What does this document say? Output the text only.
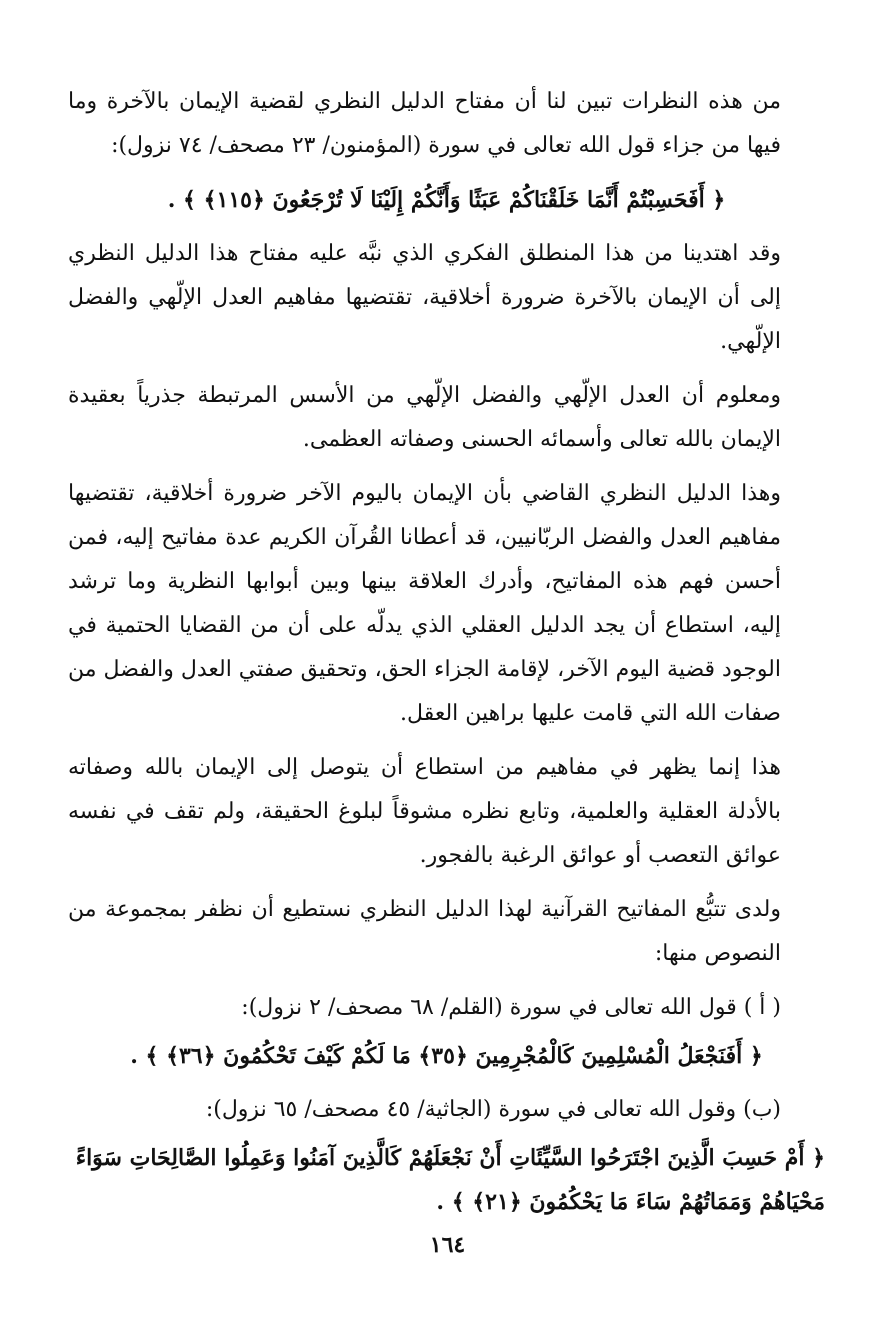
من هذه النظرات تبين لنا أن مفتاح الدليل النظري لقضية الإيمان بالآخرة وما فيها من جزاء قول الله تعالى في سورة (المؤمنون/ ٢٣ مصحف/ ٧٤ نزول):

﴿ أَفَحَسِبْتُمْ أَنَّمَا خَلَقْنَاكُمْ عَبَثًا وَأَنَّكُمْ إِلَيْنَا لَا تُرْجَعُونَ ﴿١١٥﴾ ﴾ .

وقد اهتدينا من هذا المنطلق الفكري الذي نبَّه عليه مفتاح هذا الدليل النظري إلى أن الإيمان بالآخرة ضرورة أخلاقية، تقتضيها مفاهيم العدل الإلّهي والفضل الإلّهي.

ومعلوم أن العدل الإلّهي والفضل الإلّهي من الأسس المرتبطة جذرياً بعقيدة الإيمان بالله تعالى وأسمائه الحسنى وصفاته العظمى.

وهذا الدليل النظري القاضي بأن الإيمان باليوم الآخر ضرورة أخلاقية، تقتضيها مفاهيم العدل والفضل الربّانيين، قد أعطانا القُرآن الكريم عدة مفاتيح إليه، فمن أحسن فهم هذه المفاتيح، وأدرك العلاقة بينها وبين أبوابها النظرية وما ترشد إليه، استطاع أن يجد الدليل العقلي الذي يدلّه على أن من القضايا الحتمية في الوجود قضية اليوم الآخر، لإقامة الجزاء الحق، وتحقيق صفتي العدل والفضل من صفات الله التي قامت عليها براهين العقل.

هذا إنما يظهر في مفاهيم من استطاع أن يتوصل إلى الإيمان بالله وصفاته بالأدلة العقلية والعلمية، وتابع نظره مشوقاً لبلوغ الحقيقة، ولم تقف في نفسه عوائق التعصب أو عوائق الرغبة بالفجور.

ولدى تتبُّع المفاتيح القرآنية لهذا الدليل النظري نستطيع أن نظفر بمجموعة من النصوص منها:

( أ ) قول الله تعالى في سورة (القلم/ ٦٨ مصحف/ ٢ نزول):

﴿ أَفَنَجْعَلُ الْمُسْلِمِينَ كَالْمُجْرِمِينَ ﴿٣٥﴾ مَا لَكُمْ كَيْفَ تَحْكُمُونَ ﴿٣٦﴾ ﴾ .

(ب) وقول الله تعالى في سورة (الجاثية/ ٤٥ مصحف/ ٦٥ نزول):

﴿ أَمْ حَسِبَ الَّذِينَ اجْتَرَحُوا السَّيِّئَاتِ أَنْ نَجْعَلَهُمْ كَالَّذِينَ آمَنُوا وَعَمِلُوا الصَّالِحَاتِ سَوَاءً مَحْيَاهُمْ وَمَمَاتُهُمْ سَاءَ مَا يَحْكُمُونَ ﴿٢١﴾ ﴾ .

١٦٤
